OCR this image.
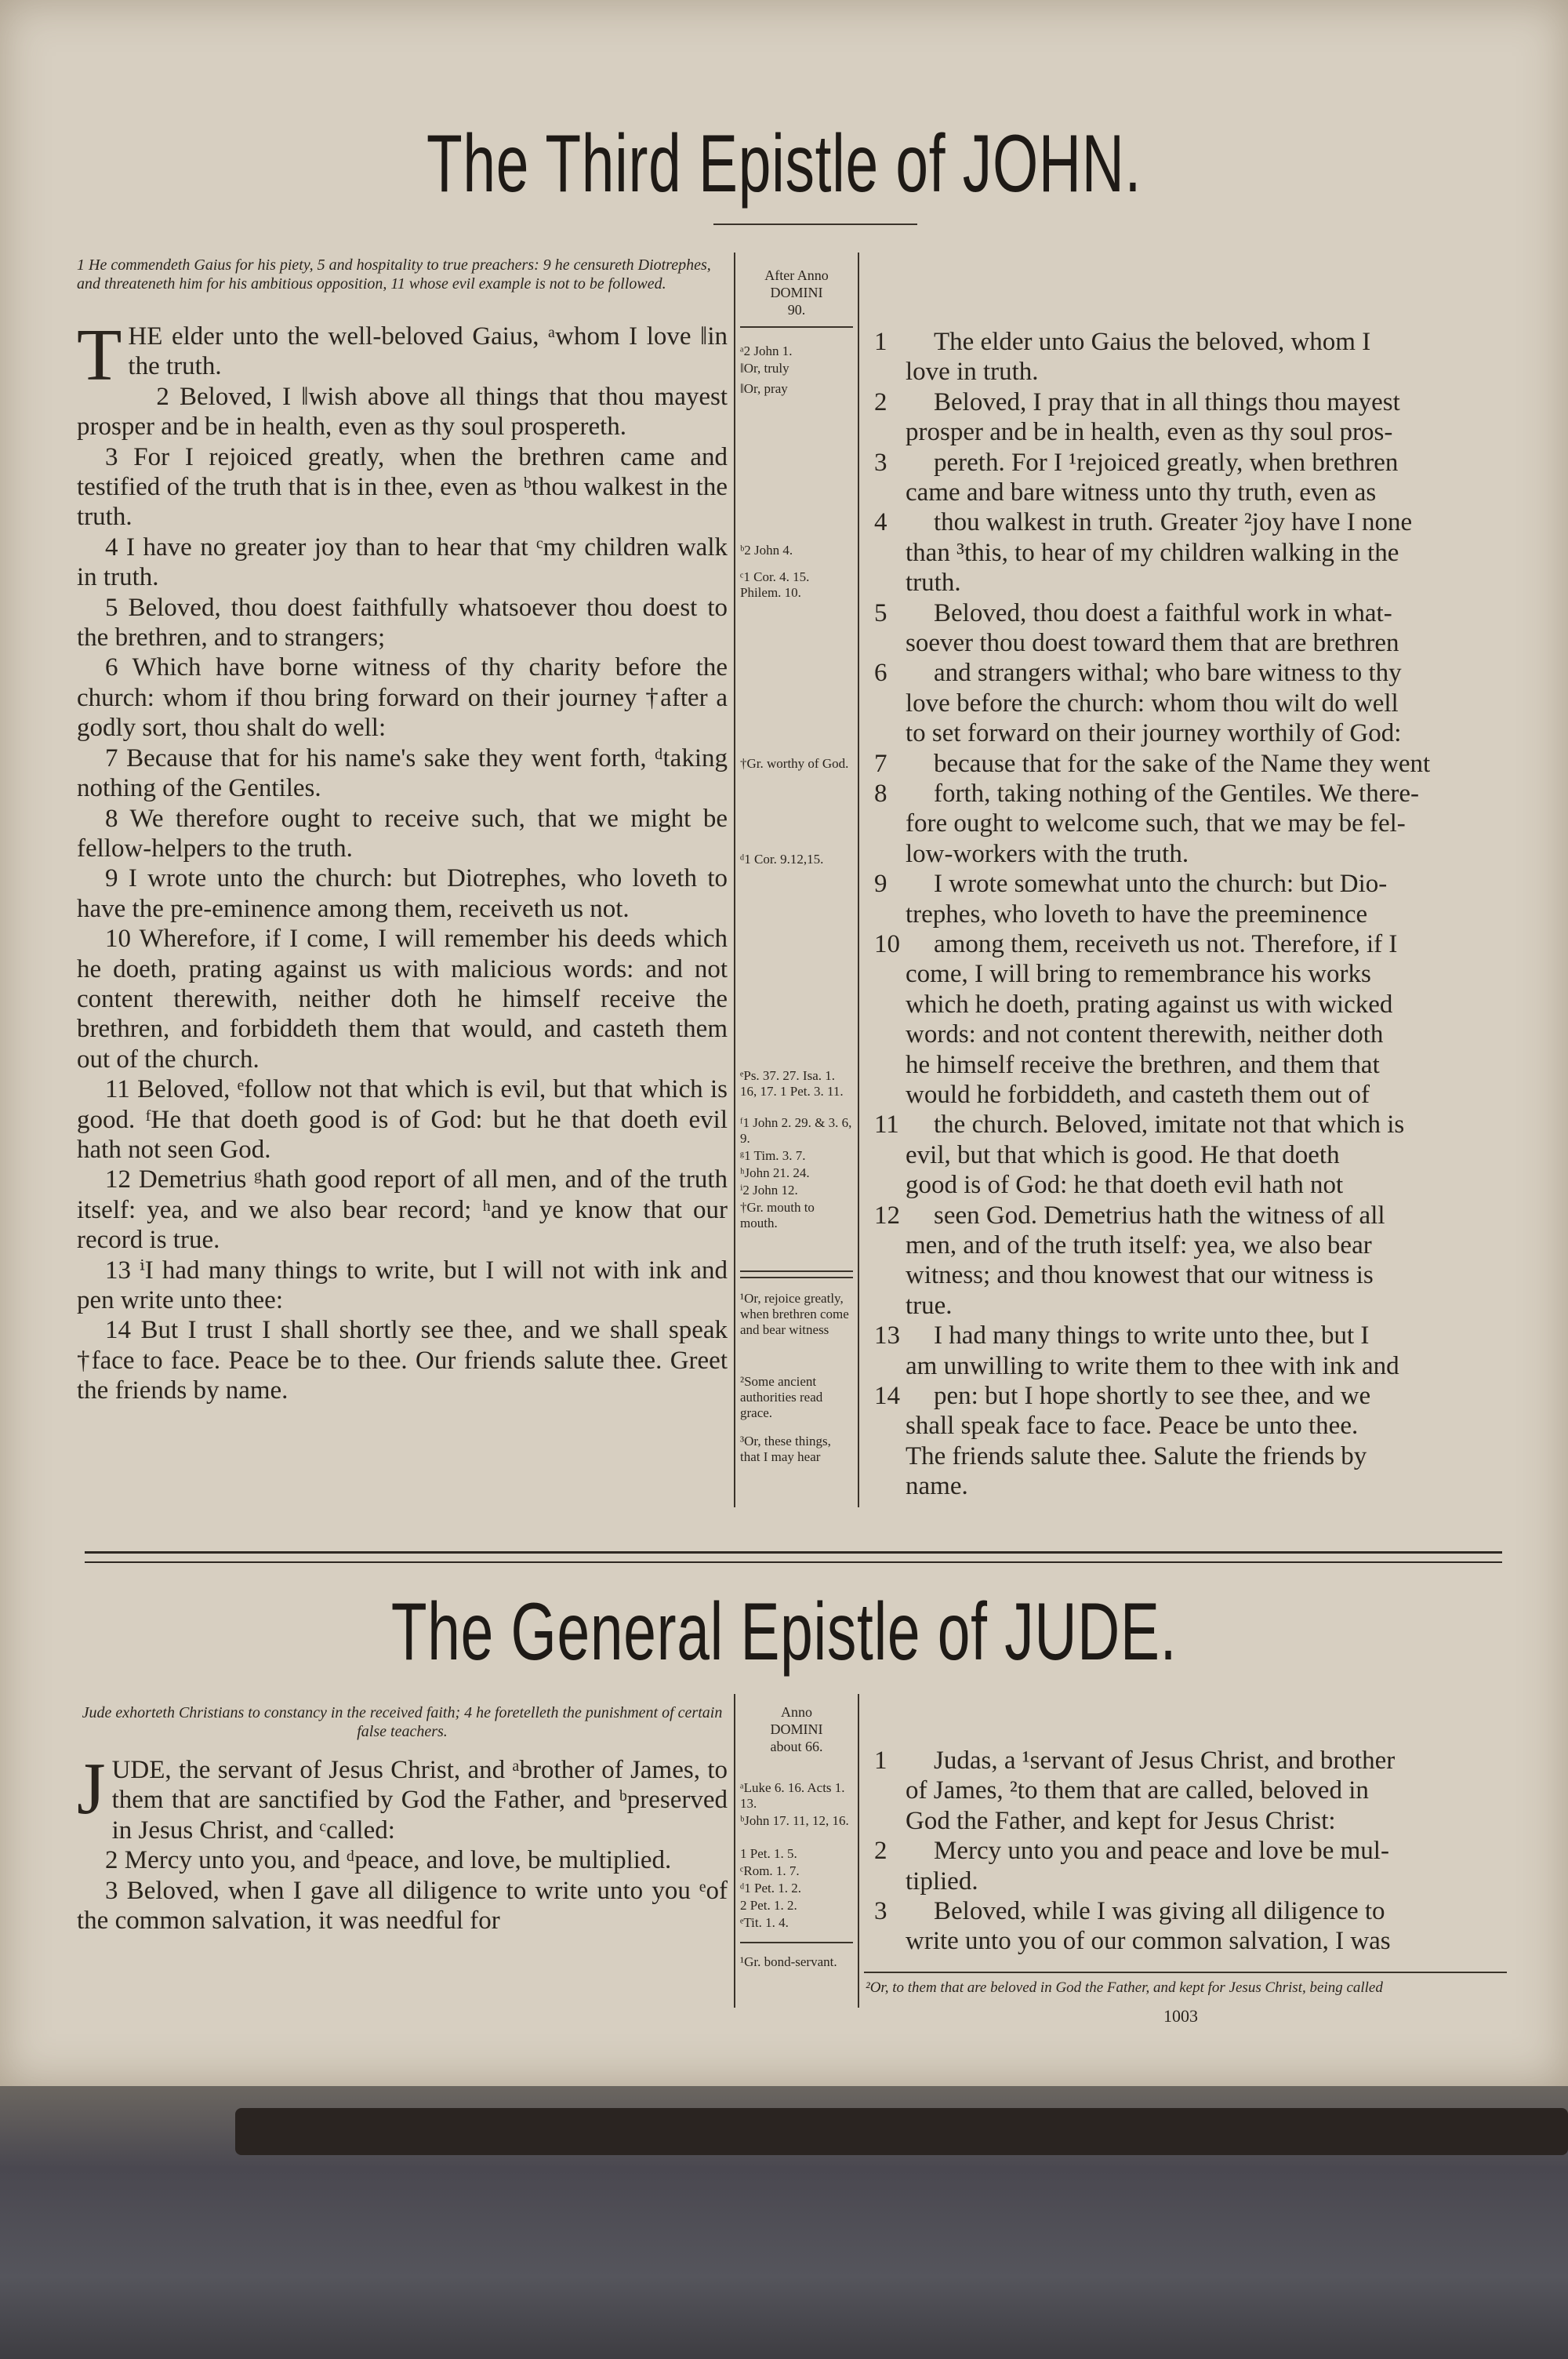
The Third Epistle of JOHN.
1 He commendeth Gaius for his piety, 5 and hospitality to true preachers: 9 he censureth Diotrephes, and threateneth him for his ambitious opposition, 11 whose evil example is not to be followed.

THE elder unto the well-beloved Gaius, ᵃwhom I love ‖in the truth.

2 Beloved, I ‖wish above all things that thou mayest prosper and be in health, even as thy soul prospereth.

3 For I rejoiced greatly, when the brethren came and testified of the truth that is in thee, even as ᵇthou walkest in the truth.

4 I have no greater joy than to hear that ᶜmy children walk in truth.

5 Beloved, thou doest faithfully whatsoever thou doest to the brethren, and to strangers;

6 Which have borne witness of thy charity before the church: whom if thou bring forward on their journey †after a godly sort, thou shalt do well:

7 Because that for his name's sake they went forth, ᵈtaking nothing of the Gentiles.

8 We therefore ought to receive such, that we might be fellow-helpers to the truth.

9 I wrote unto the church: but Diotrephes, who loveth to have the pre-eminence among them, receiveth us not.

10 Wherefore, if I come, I will remember his deeds which he doeth, prating against us with malicious words: and not content therewith, neither doth he himself receive the brethren, and forbiddeth them that would, and casteth them out of the church.

11 Beloved, ᵉfollow not that which is evil, but that which is good. ᶠHe that doeth good is of God: but he that doeth evil hath not seen God.

12 Demetrius ᵍhath good report of all men, and of the truth itself: yea, and we also bear record; ʰand ye know that our record is true.

13 ⁱI had many things to write, but I will not with ink and pen write unto thee:

14 But I trust I shall shortly see thee, and we shall speak †face to face. Peace be to thee. Our friends salute thee. Greet the friends by name.

After Anno
DOMINI
90.
ᵃ2 John 1.
‖Or, truly
‖Or, pray
ᵇ2 John 4.
ᶜ1 Cor. 4. 15. Philem. 10.
†Gr. worthy of God.
ᵈ1 Cor. 9.12,15.
ᵉPs. 37. 27. Isa. 1. 16, 17. 1 Pet. 3. 11.
ᶠ1 John 2. 29. & 3. 6, 9.
ᵍ1 Tim. 3. 7.
ʰJohn 21. 24.
ⁱ2 John 12.
†Gr. mouth to mouth.
¹Or, rejoice greatly, when brethren come and bear witness
²Some ancient authorities read grace.
³Or, these things, that I may hear
1 The elder unto Gaius the beloved, whom I
love in truth.
2 Beloved, I pray that in all things thou mayest
prosper and be in health, even as thy soul pros-
3 pereth. For I ¹rejoiced greatly, when brethren
came and bare witness unto thy truth, even as
4 thou walkest in truth. Greater ²joy have I none
than ³this, to hear of my children walking in the
truth.
5 Beloved, thou doest a faithful work in what-
soever thou doest toward them that are brethren
6 and strangers withal; who bare witness to thy
love before the church: whom thou wilt do well
to set forward on their journey worthily of God:
7 because that for the sake of the Name they went
8 forth, taking nothing of the Gentiles. We there-
fore ought to welcome such, that we may be fel-
low-workers with the truth.
9 I wrote somewhat unto the church: but Dio-
trephes, who loveth to have the preeminence
10 among them, receiveth us not. Therefore, if I
come, I will bring to remembrance his works
which he doeth, prating against us with wicked
words: and not content therewith, neither doth
he himself receive the brethren, and them that
would he forbiddeth, and casteth them out of
11 the church. Beloved, imitate not that which is
evil, but that which is good. He that doeth
good is of God: he that doeth evil hath not
12 seen God. Demetrius hath the witness of all
men, and of the truth itself: yea, we also bear
witness; and thou knowest that our witness is
true.
13 I had many things to write unto thee, but I
am unwilling to write them to thee with ink and
14 pen: but I hope shortly to see thee, and we
shall speak face to face. Peace be unto thee.
The friends salute thee. Salute the friends by
name.
The General Epistle of JUDE.
Jude exhorteth Christians to constancy in the received faith; 4 he foretelleth the punishment of certain false teachers.

JUDE, the servant of Jesus Christ, and ᵃbrother of James, to them that are sanctified by God the Father, and ᵇpreserved in Jesus Christ, and ᶜcalled:

2 Mercy unto you, and ᵈpeace, and love, be multiplied.

3 Beloved, when I gave all diligence to write unto you ᵉof the common salvation, it was needful for

Anno
DOMINI
about 66.
ᵃLuke 6. 16. Acts 1. 13.
ᵇJohn 17. 11, 12, 16.
1 Pet. 1. 5.
ᶜRom. 1. 7.
ᵈ1 Pet. 1. 2.
2 Pet. 1. 2.
ᵉTit. 1. 4.
¹Gr. bond-servant.
1 Judas, a ¹servant of Jesus Christ, and brother
of James, ²to them that are called, beloved in
God the Father, and kept for Jesus Christ:
2 Mercy unto you and peace and love be mul-
tiplied.
3 Beloved, while I was giving all diligence to
write unto you of our common salvation, I was
²Or, to them that are beloved in God the Father, and kept for Jesus Christ, being called
1003
